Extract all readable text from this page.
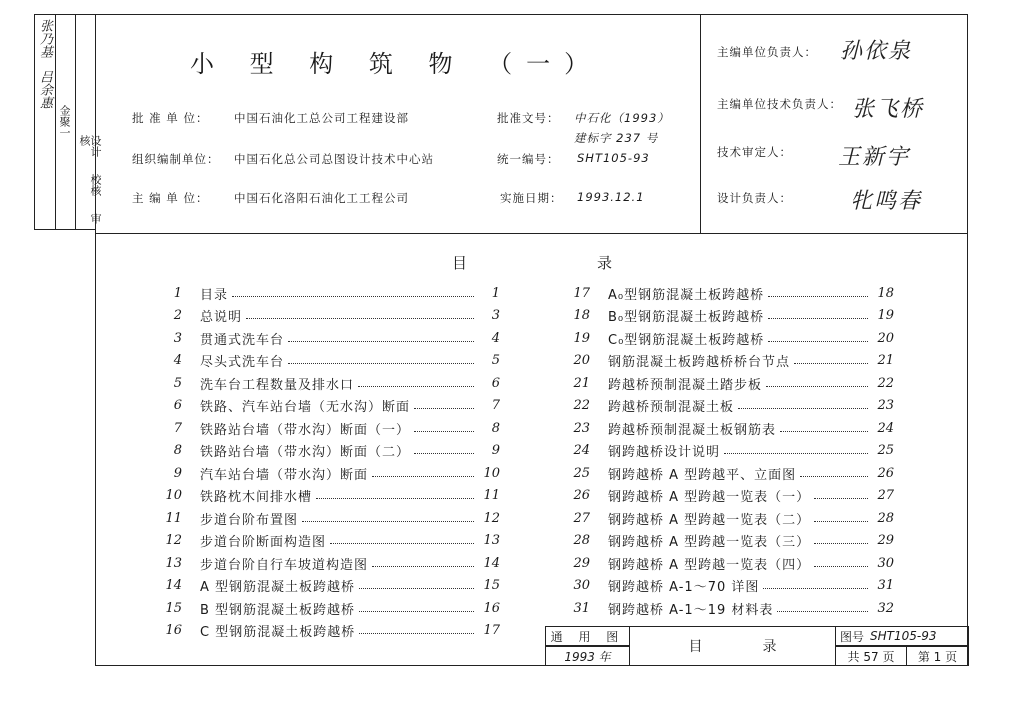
张乃基 吕余惠
金聚一
设计  校核  审核
小 型 构 筑 物 （一）
批 准 单 位： 中国石油化工总公司工程建设部	批准文号： 中石化（1993）
建标字 237 号
组织编制单位： 中国石化总公司总图设计技术中心站	统一编号： SHT105-93
主 编 单 位： 中国石化洛阳石油化工工程公司	实施日期： 1993.12.1
主编单位负责人： 孙依泉
主编单位技术负责人： 张飞桥
技术审定人： 王新宇
设计负责人：	牝鸣春
目	录
1 目录	1
2 总说明	3
3 贯通式洗车台	4
4 尽头式洗车台	5
5 洗车台工程数量及排水口	6
6 铁路、汽车站台墙（无水沟）断面	7
7 铁路站台墙（带水沟）断面（一）	8
8 铁路站台墙（带水沟）断面（二）	9
9 汽车站台墙（带水沟）断面	10
10 铁路枕木间排水槽	11
11 步道台阶布置图	12
12 步道台阶断面构造图	13
13 步道台阶自行车坡道构造图	14
14 A 型钢筋混凝土板跨越桥	15
15 B 型钢筋混凝土板跨越桥	16
16 C 型钢筋混凝土板跨越桥	17
17 A₀型钢筋混凝土板跨越桥	18
18 B₀型钢筋混凝土板跨越桥	19
19 C₀型钢筋混凝土板跨越桥	20
20 钢筋混凝土板跨越桥桥台节点	21
21 跨越桥预制混凝土踏步板	22
22 跨越桥预制混凝土板	23
23 跨越桥预制混凝土板钢筋表	24
24 钢跨越桥设计说明	25
25 钢跨越桥 A 型跨越平、立面图	26
26 钢跨越桥 A 型跨越一览表（一）	27
27 钢跨越桥 A 型跨越一览表（二）	28
28 钢跨越桥 A 型跨越一览表（三）	29
29 钢跨越桥 A 型跨越一览表（四）	30
30 钢跨越桥 A-1～70 详图	31
31 钢跨越桥 A-1～19 材料表	32
通 用 图
1993 年
目	录
图号 SHT105-93
共 57 页	第 1 页
